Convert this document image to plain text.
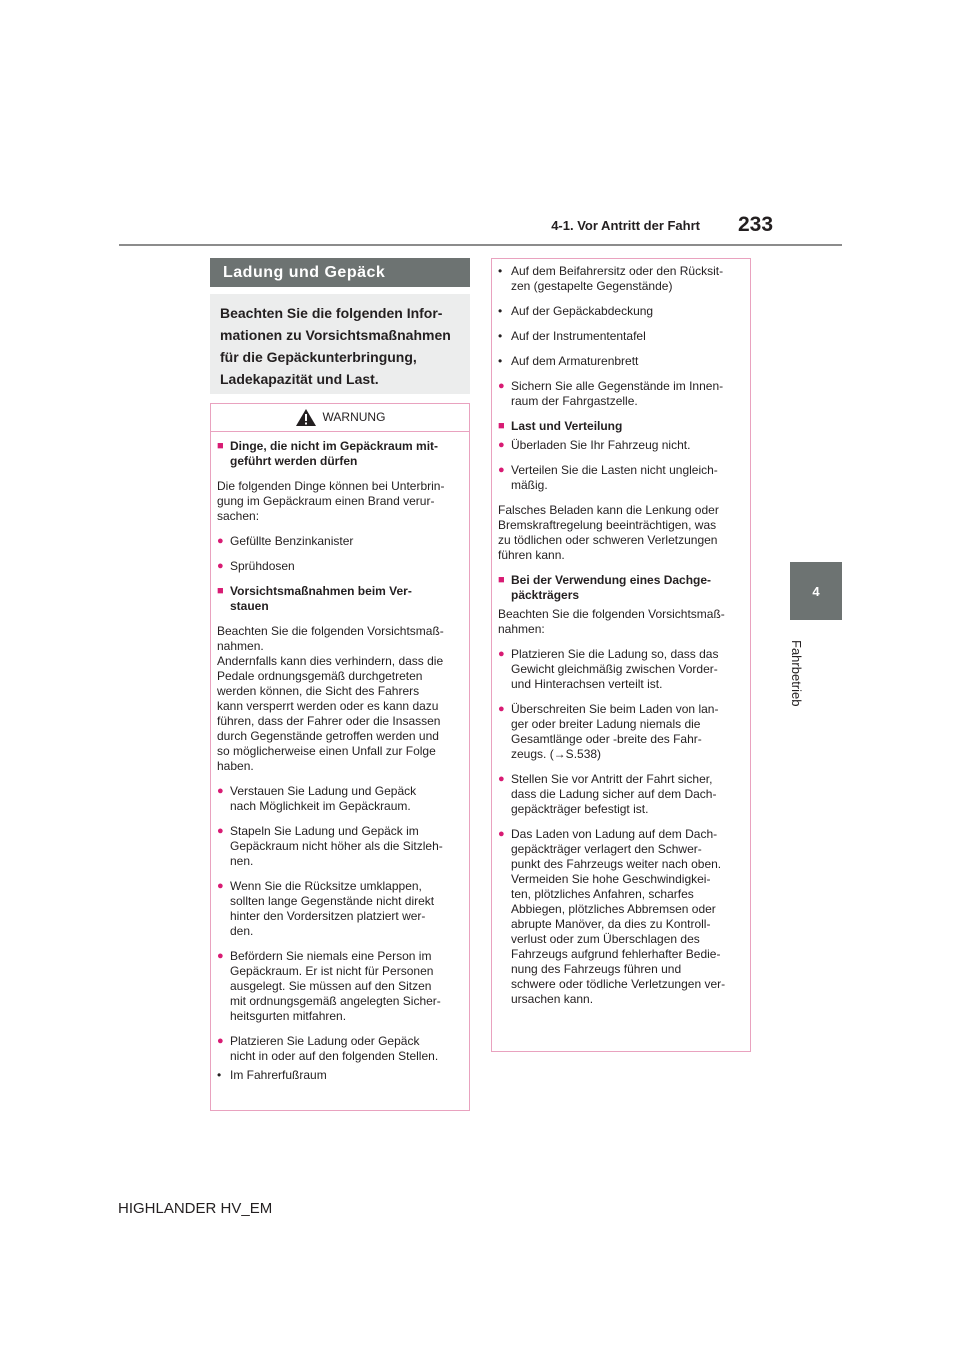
4-1. Vor Antritt der Fahrt 233
4
Fahrbetrieb
Ladung und Gepäck
Beachten Sie die folgenden Infor-
mationen zu Vorsichtsmaßnahmen
für die Gepäckunterbringung,
Ladekapazität und Last.
WARNUNG
■ Dinge, die nicht im Gepäckraum mit-
geführt werden dürfen
Die folgenden Dinge können bei Unterbrin-
gung im Gepäckraum einen Brand verur-
sachen:
● Gefüllte Benzinkanister
● Sprühdosen
■ Vorsichtsmaßnahmen beim Ver-
stauen
Beachten Sie die folgenden Vorsichtsmaß-
nahmen.
Andernfalls kann dies verhindern, dass die
Pedale ordnungsgemäß durchgetreten
werden können, die Sicht des Fahrers
kann versperrt werden oder es kann dazu
führen, dass der Fahrer oder die Insassen
durch Gegenstände getroffen werden und
so möglicherweise einen Unfall zur Folge
haben.
● Verstauen Sie Ladung und Gepäck
nach Möglichkeit im Gepäckraum.
● Stapeln Sie Ladung und Gepäck im
Gepäckraum nicht höher als die Sitzleh-
nen.
● Wenn Sie die Rücksitze umklappen,
sollten lange Gegenstände nicht direkt
hinter den Vordersitzen platziert wer-
den.
● Befördern Sie niemals eine Person im
Gepäckraum. Er ist nicht für Personen
ausgelegt. Sie müssen auf den Sitzen
mit ordnungsgemäß angelegten Sicher-
heitsgurten mitfahren.
● Platzieren Sie Ladung oder Gepäck
nicht in oder auf den folgenden Stellen.
• Im Fahrerfußraum
• Auf dem Beifahrersitz oder den Rücksit-
zen (gestapelte Gegenstände)
• Auf der Gepäckabdeckung
• Auf der Instrumententafel
• Auf dem Armaturenbrett
● Sichern Sie alle Gegenstände im Innen-
raum der Fahrgastzelle.
■ Last und Verteilung
● Überladen Sie Ihr Fahrzeug nicht.
● Verteilen Sie die Lasten nicht ungleich-
mäßig.
Falsches Beladen kann die Lenkung oder
Bremskraftregelung beeinträchtigen, was
zu tödlichen oder schweren Verletzungen
führen kann.
■ Bei der Verwendung eines Dachge-
päckträgers
Beachten Sie die folgenden Vorsichtsmaß-
nahmen:
● Platzieren Sie die Ladung so, dass das
Gewicht gleichmäßig zwischen Vorder-
und Hinterachsen verteilt ist.
● Überschreiten Sie beim Laden von lan-
ger oder breiter Ladung niemals die
Gesamtlänge oder -breite des Fahr-
zeugs. (→S.538)
● Stellen Sie vor Antritt der Fahrt sicher,
dass die Ladung sicher auf dem Dach-
gepäckträger befestigt ist.
● Das Laden von Ladung auf dem Dach-
gepäckträger verlagert den Schwer-
punkt des Fahrzeugs weiter nach oben.
Vermeiden Sie hohe Geschwindigkei-
ten, plötzliches Anfahren, scharfes
Abbiegen, plötzliches Abbremsen oder
abrupte Manöver, da dies zu Kontroll-
verlust oder zum Überschlagen des
Fahrzeugs aufgrund fehlerhafter Bedie-
nung des Fahrzeugs führen und
schwere oder tödliche Verletzungen ver-
ursachen kann.
HIGHLANDER HV_EM
